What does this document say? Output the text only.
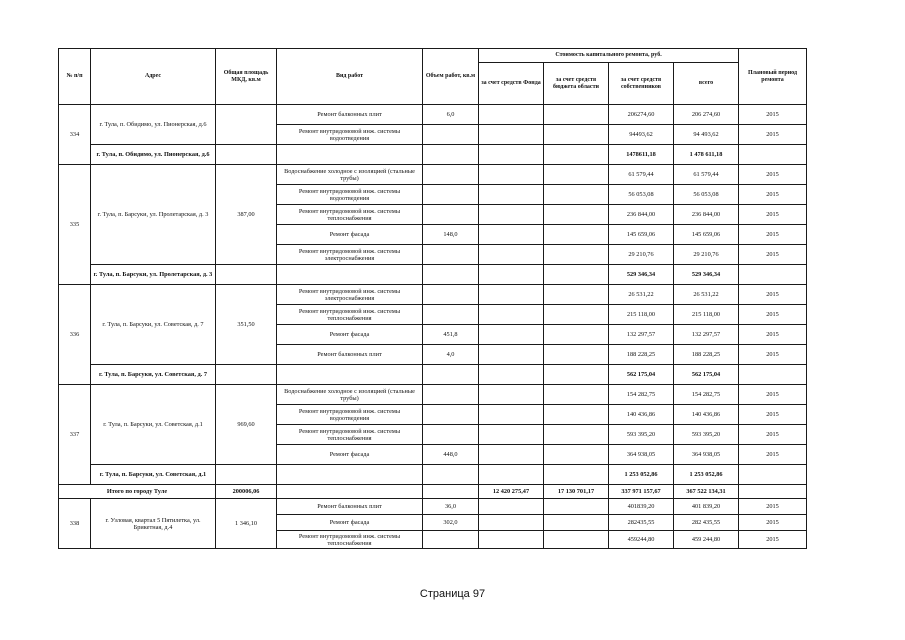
№ п/п	Адрес	Общая площадь МКД, кв.м	Вид работ	Объем работ, кв.м	Стоимость капитального ремонта, руб.				Плановый период ремонта
					за счет средств Фонда	за счет средств бюджета области	за счет средств собственников	всего	
334	г. Тула, п. Обидимо, ул. Пионерская, д.6		Ремонт балконных плит	6,0			206274,60	206 274,60	2015
			Ремонт внутридомовой инж. системы водоотведения				94493,62	94 493,62	2015
	г. Тула, п. Обидимо, ул. Пионерская, д.6						1478611,18	1 478 611,18	
335	г. Тула, п. Барсуки, ул. Пролетарская, д. 3	387,00	Водоснабжение холодное с изоляцией (стальные трубы)				61 579,44	61 579,44	2015
			Ремонт внутридомовой инж. системы водоотведения				56 053,08	56 053,08	2015
			Ремонт внутридомовой инж. системы теплоснабжения				236 844,00	236 844,00	2015
			Ремонт фасада	148,0			145 659,06	145 659,06	2015
			Ремонт внутридомовой инж. системы электроснабжения				29 210,76	29 210,76	2015
	г. Тула, п. Барсуки, ул. Пролетарская, д. 3						529 346,34	529 346,34	
336	г. Тула, п. Барсуки, ул. Советская, д. 7	351,50	Ремонт внутридомовой инж. системы электроснабжения				26 531,22	26 531,22	2015
			Ремонт внутридомовой инж. системы теплоснабжения				215 118,00	215 118,00	2015
			Ремонт фасада	451,8			132 297,57	132 297,57	2015
			Ремонт балконных плит	4,0			188 228,25	188 228,25	2015
	г. Тула, п. Барсуки, ул. Советская, д. 7						562 175,04	562 175,04	
337	г. Тула, п. Барсуки, ул. Советская, д.1	969,60	Водоснабжение холодное с изоляцией (стальные трубы)				154 282,75	154 282,75	2015
			Ремонт внутридомовой инж. системы водоотведения				140 436,86	140 436,86	2015
			Ремонт внутридомовой инж. системы теплоснабжения				593 395,20	593 395,20	2015
			Ремонт фасада	448,0			364 938,05	364 938,05	2015
	г. Тула, п. Барсуки, ул. Советская, д.1						1 253 052,86	1 253 052,86	
Итого по городу Туле		200006,06			12 420 275,47	17 130 701,17	337 971 157,67	367 522 134,31	
338	г. Узловая, квартал 5 Пятилетка, ул. Брикетная, д.4	1 346,10	Ремонт балконных плит	36,0			401839,20	401 839,20	2015
			Ремонт фасада	302,0			282435,55	282 435,55	2015
			Ремонт внутридомовой инж. системы теплоснабжения				459244,80	459 244,80	2015
Страница 97
